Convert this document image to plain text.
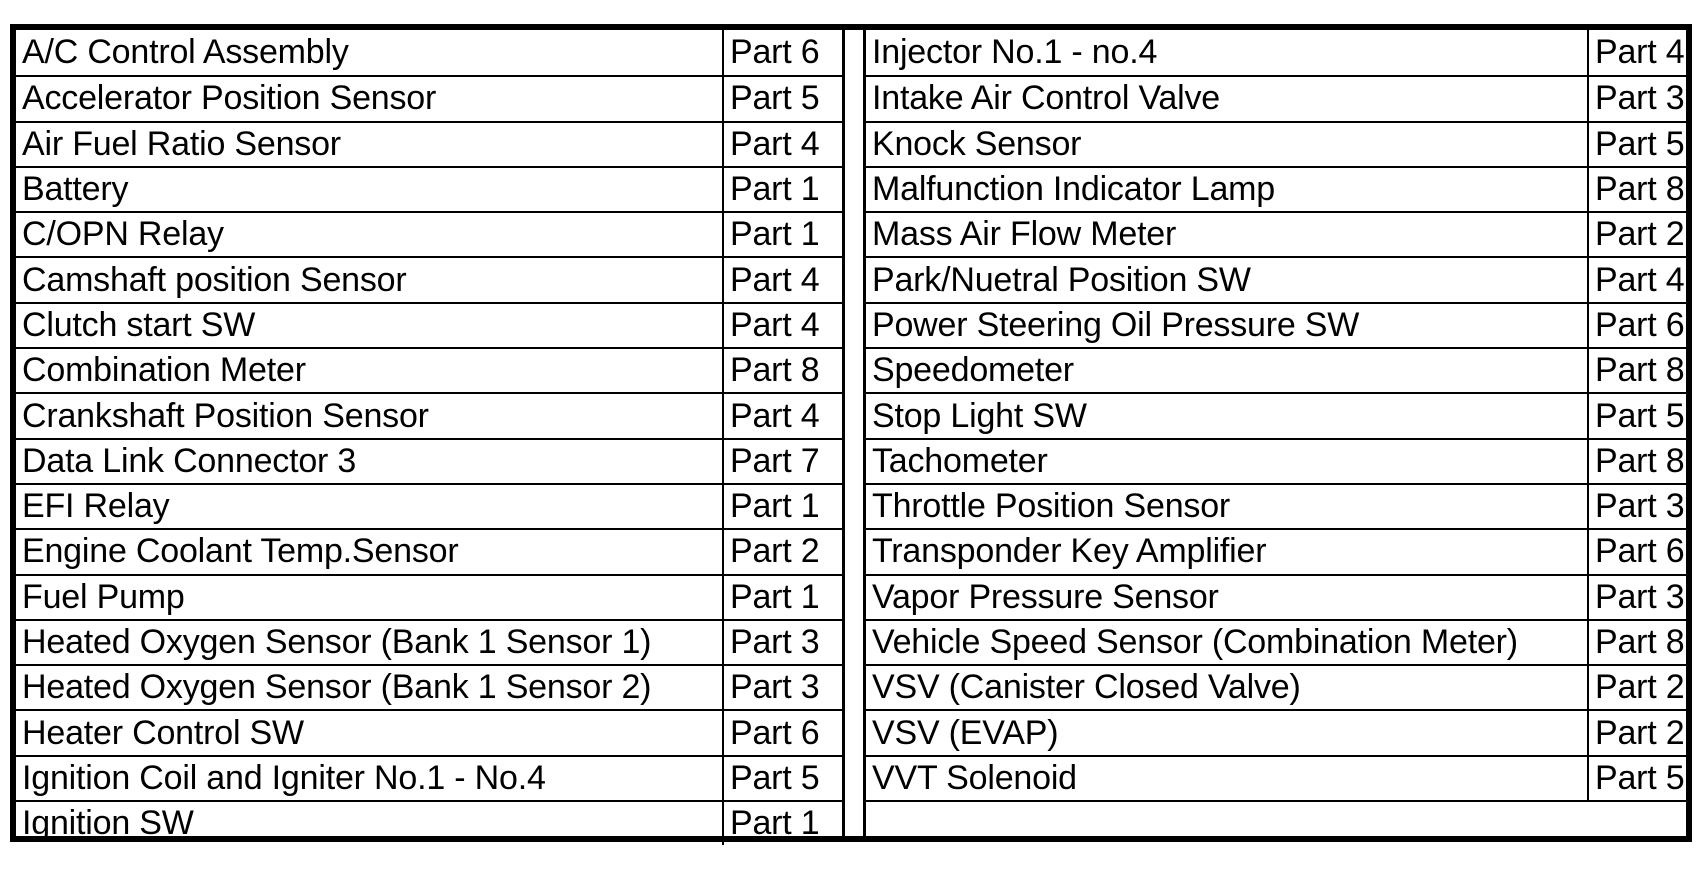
A/C Control Assembly	Part 6
Accelerator Position Sensor	Part 5
Air Fuel Ratio Sensor	Part 4
Battery	Part 1
C/OPN Relay	Part 1
Camshaft position Sensor	Part 4
Clutch start SW	Part 4
Combination Meter	Part 8
Crankshaft Position Sensor	Part 4
Data Link Connector 3	Part 7
EFI Relay	Part 1
Engine Coolant Temp.Sensor	Part 2
Fuel Pump	Part 1
Heated Oxygen Sensor (Bank 1 Sensor 1)	Part 3
Heated Oxygen Sensor (Bank 1 Sensor 2)	Part 3
Heater Control SW	Part 6
Ignition Coil and Igniter No.1 - No.4	Part 5
Ignition SW	Part 1
Injector No.1 - no.4	Part 4
Intake Air Control Valve	Part 3
Knock Sensor	Part 5
Malfunction Indicator Lamp	Part 8
Mass Air Flow Meter	Part 2
Park/Nuetral Position SW	Part 4
Power Steering Oil Pressure SW	Part 6
Speedometer	Part 8
Stop Light SW	Part 5
Tachometer	Part 8
Throttle Position Sensor	Part 3
Transponder Key Amplifier	Part 6
Vapor Pressure Sensor	Part 3
Vehicle Speed Sensor (Combination Meter)	Part 8
VSV (Canister Closed Valve)	Part 2
VSV (EVAP)	Part 2
VVT Solenoid	Part 5
